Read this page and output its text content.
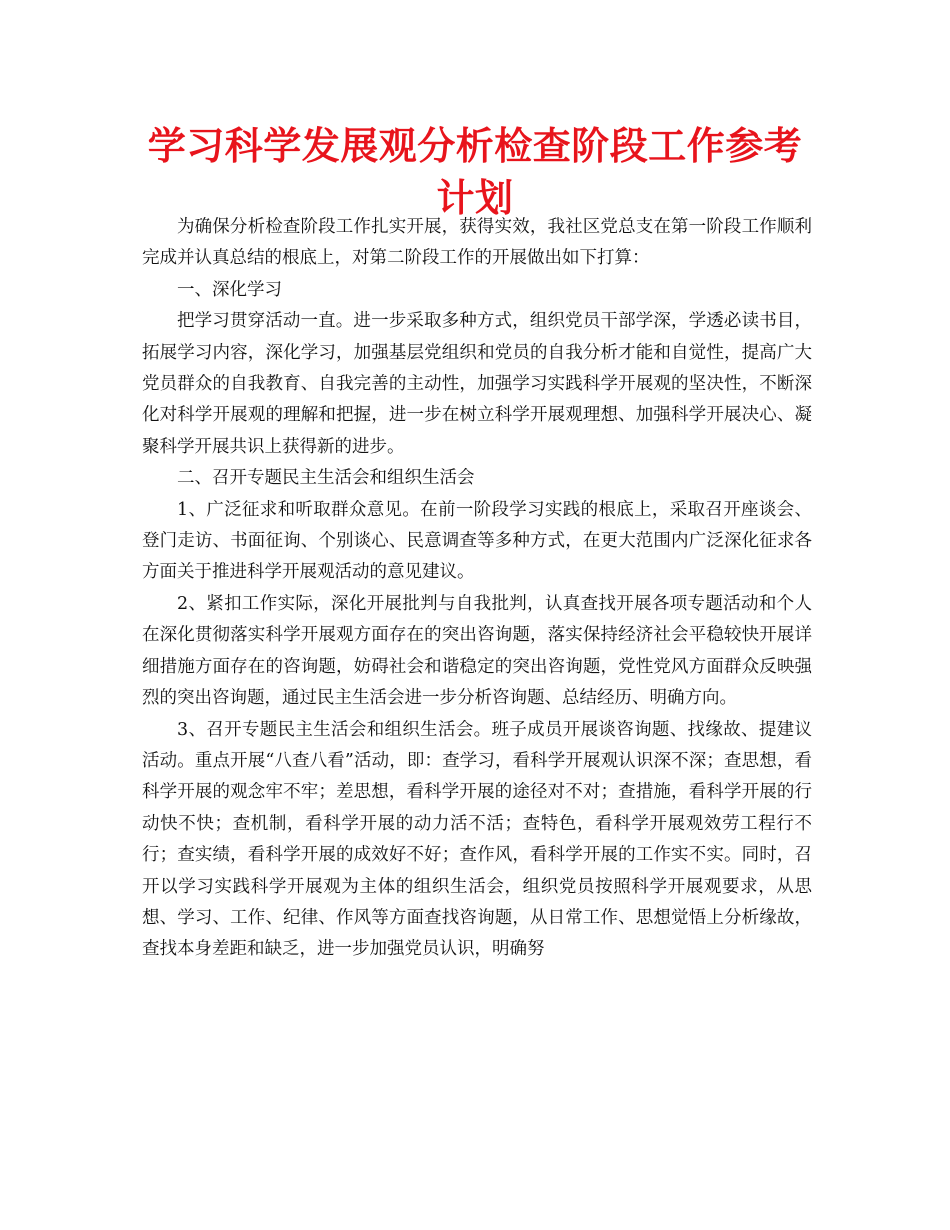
学习科学发展观分析检查阶段工作参考计划

为确保分析检查阶段工作扎实开展，获得实效，我社区党总支在第一阶段工作顺利完成并认真总结的根底上，对第二阶段工作的开展做出如下打算：

一、深化学习

把学习贯穿活动一直。进一步采取多种方式，组织党员干部学深，学透必读书目，拓展学习内容，深化学习，加强基层党组织和党员的自我分析才能和自觉性，提高广大党员群众的自我教育、自我完善的主动性，加强学习实践科学开展观的坚决性，不断深化对科学开展观的理解和把握，进一步在树立科学开展观理想、加强科学开展决心、凝聚科学开展共识上获得新的进步。

二、召开专题民主生活会和组织生活会

1、广泛征求和听取群众意见。在前一阶段学习实践的根底上，采取召开座谈会、登门走访、书面征询、个别谈心、民意调查等多种方式，在更大范围内广泛深化征求各方面关于推进科学开展观活动的意见建议。

2、紧扣工作实际，深化开展批判与自我批判，认真查找开展各项专题活动和个人在深化贯彻落实科学开展观方面存在的突出咨询题，落实保持经济社会平稳较快开展详细措施方面存在的咨询题，妨碍社会和谐稳定的突出咨询题，党性党风方面群众反映强烈的突出咨询题，通过民主生活会进一步分析咨询题、总结经历、明确方向。

3、召开专题民主生活会和组织生活会。班子成员开展谈咨询题、找缘故、提建议活动。重点开展“八查八看”活动，即：查学习，看科学开展观认识深不深；查思想，看科学开展的观念牢不牢；差思想，看科学开展的途径对不对；查措施，看科学开展的行动快不快；查机制，看科学开展的动力活不活；查特色，看科学开展观效劳工程行不行；查实绩，看科学开展的成效好不好；查作风，看科学开展的工作实不实。同时，召开以学习实践科学开展观为主体的组织生活会，组织党员按照科学开展观要求，从思想、学习、工作、纪律、作风等方面查找咨询题，从日常工作、思想觉悟上分析缘故，查找本身差距和缺乏，进一步加强党员认识，明确努
